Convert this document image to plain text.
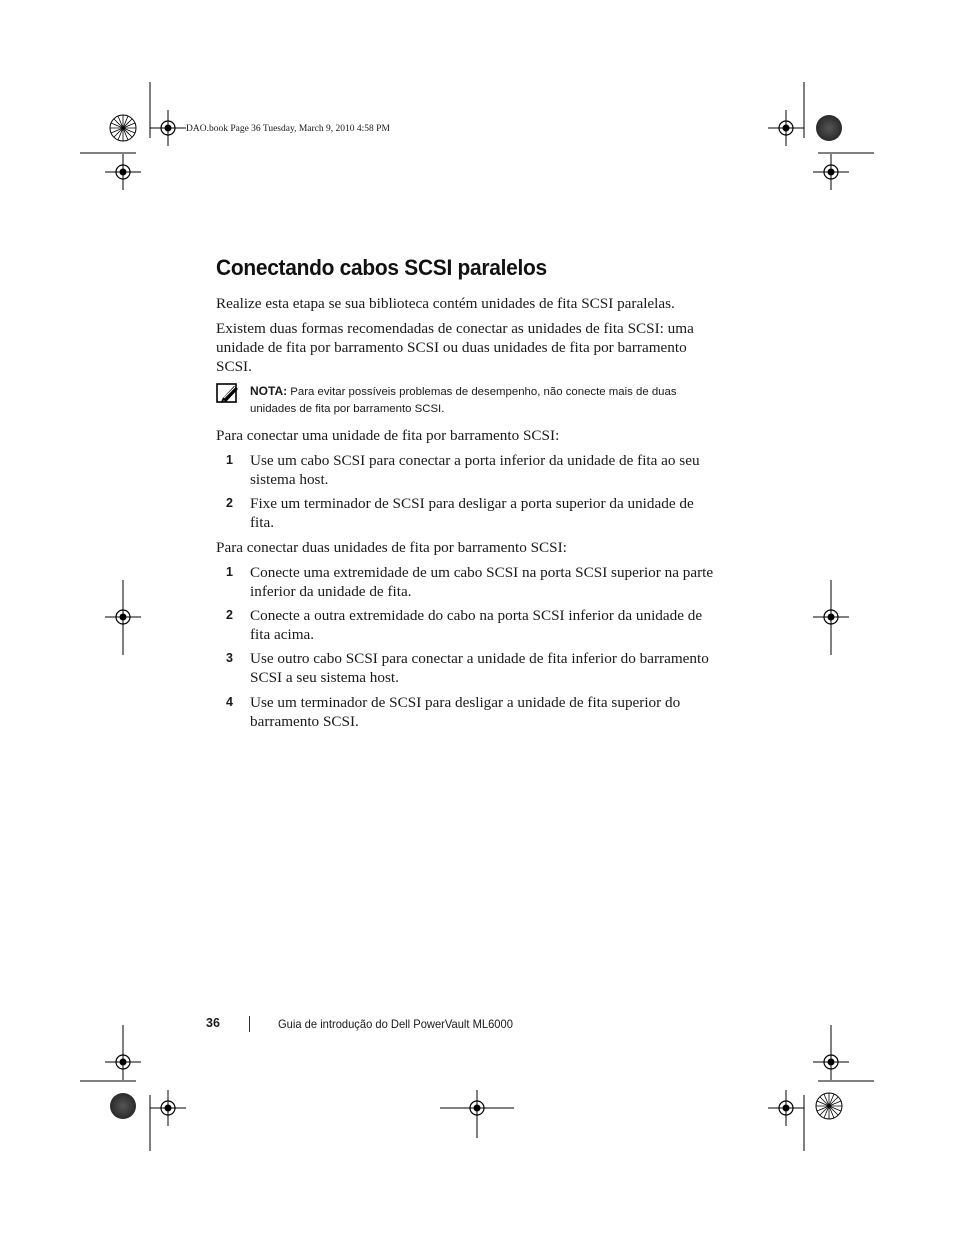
DAO.book Page 36 Tuesday, March 9, 2010 4:58 PM
Conectando cabos SCSI paralelos

Realize esta etapa se sua biblioteca contém unidades de fita SCSI paralelas.

Existem duas formas recomendadas de conectar as unidades de fita SCSI: uma unidade de fita por barramento SCSI ou duas unidades de fita por barramento SCSI.

NOTA: Para evitar possíveis problemas de desempenho, não conecte mais de duas unidades de fita por barramento SCSI.

Para conectar uma unidade de fita por barramento SCSI:

1 Use um cabo SCSI para conectar a porta inferior da unidade de fita ao seu sistema host.
2 Fixe um terminador de SCSI para desligar a porta superior da unidade de fita.

Para conectar duas unidades de fita por barramento SCSI:

1 Conecte uma extremidade de um cabo SCSI na porta SCSI superior na parte inferior da unidade de fita.
2 Conecte a outra extremidade do cabo na porta SCSI inferior da unidade de fita acima.
3 Use outro cabo SCSI para conectar a unidade de fita inferior do barramento SCSI a seu sistema host.
4 Use um terminador de SCSI para desligar a unidade de fita superior do barramento SCSI.
36	Guia de introdução do Dell PowerVault ML6000
